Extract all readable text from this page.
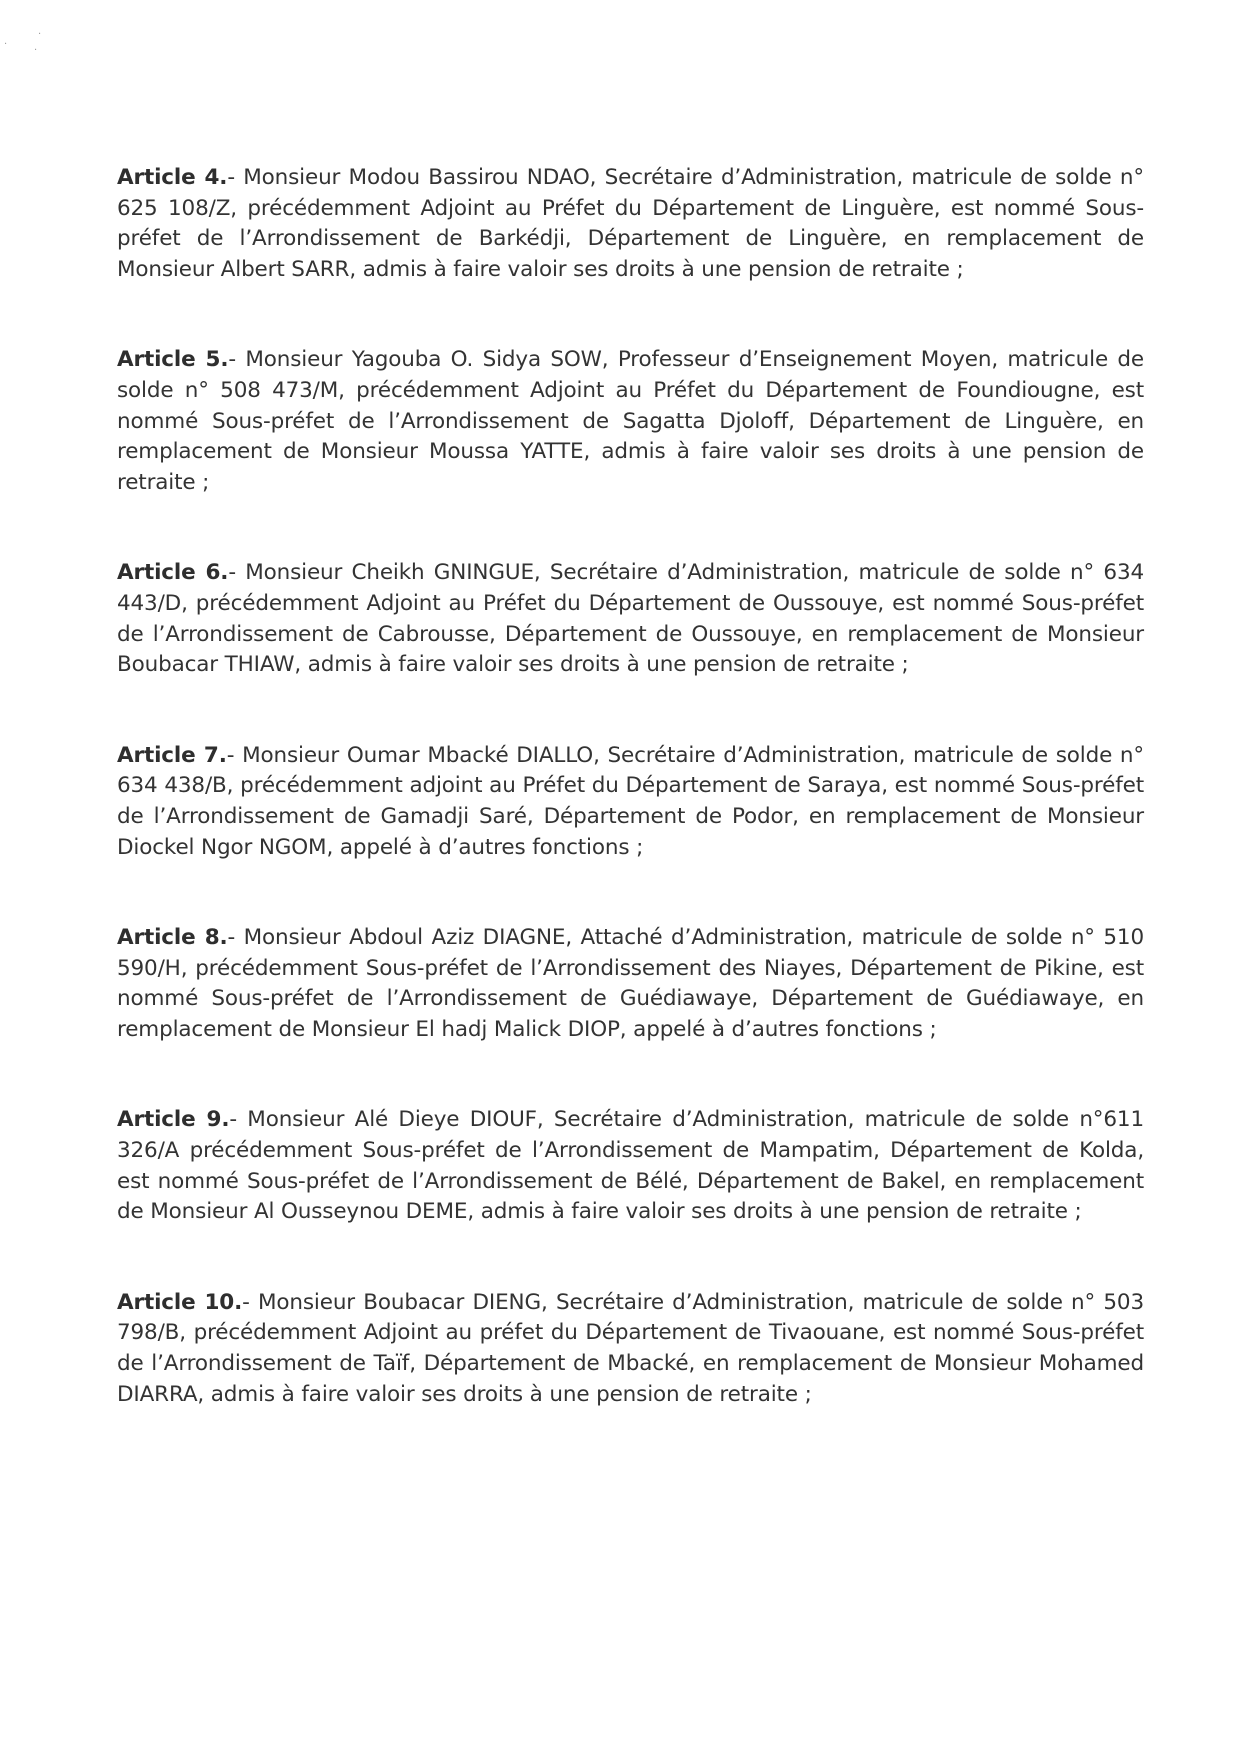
·
·
·

Article 4.- Monsieur Modou Bassirou NDAO, Secrétaire d’Administration, matricule de solde n° 625 108/Z, précédemment Adjoint au Préfet du Département de Linguère, est nommé Sous-préfet de l’Arrondissement de Barkédji, Département de Linguère, en remplacement de Monsieur Albert SARR, admis à faire valoir ses droits à une pension de retraite ;

Article 5.- Monsieur Yagouba O. Sidya SOW, Professeur d’Enseignement Moyen, matricule de solde n° 508 473/M, précédemment Adjoint au Préfet du Département de Foundiougne, est nommé Sous-préfet de l’Arrondissement de Sagatta Djoloff, Département de Linguère, en remplacement de Monsieur Moussa YATTE, admis à faire valoir ses droits à une pension de retraite ;

Article 6.- Monsieur Cheikh GNINGUE, Secrétaire d’Administration, matricule de solde n° 634 443/D, précédemment Adjoint au Préfet du Département de Oussouye, est nommé Sous-préfet de l’Arrondissement de Cabrousse, Département de Oussouye, en remplacement de Monsieur Boubacar THIAW, admis à faire valoir ses droits à une pension de retraite ;

Article 7.- Monsieur Oumar Mbacké DIALLO, Secrétaire d’Administration, matricule de solde n° 634 438/B, précédemment adjoint au Préfet du Département de Saraya, est nommé Sous-préfet de l’Arrondissement de Gamadji Saré, Département de Podor, en remplacement de Monsieur Diockel Ngor NGOM, appelé à d’autres fonctions ;

Article 8.- Monsieur Abdoul Aziz DIAGNE, Attaché d’Administration, matricule de solde n° 510 590/H, précédemment Sous-préfet de l’Arrondissement des Niayes, Département de Pikine, est nommé Sous-préfet de l’Arrondissement de Guédiawaye, Département de Guédiawaye, en remplacement de Monsieur El hadj Malick DIOP, appelé à d’autres fonctions ;

Article 9.- Monsieur Alé Dieye DIOUF, Secrétaire d’Administration, matricule de solde n°611 326/A précédemment Sous-préfet de l’Arrondissement de Mampatim, Département de Kolda, est nommé Sous-préfet de l’Arrondissement de Bélé, Département de Bakel, en remplacement de Monsieur Al Ousseynou DEME, admis à faire valoir ses droits à une pension de retraite ;

Article 10.- Monsieur Boubacar DIENG, Secrétaire d’Administration, matricule de solde n° 503 798/B, précédemment Adjoint au préfet du Département de Tivaouane, est nommé Sous-préfet de l’Arrondissement de Taïf, Département de Mbacké, en remplacement de Monsieur Mohamed DIARRA, admis à faire valoir ses droits à une pension de retraite ;
